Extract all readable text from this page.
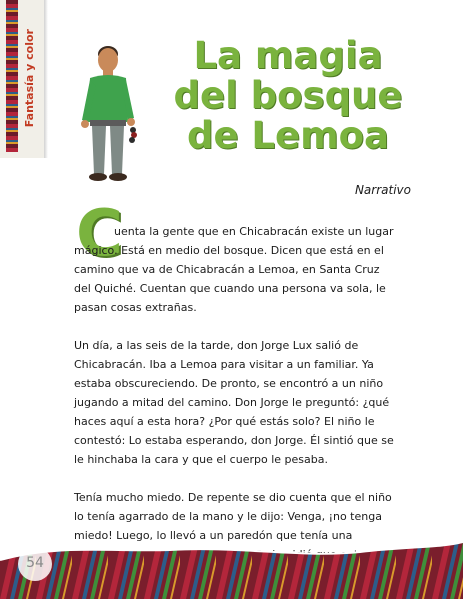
Fantasía y color	La magia
del bosque
de Lemoa
Narrativo
C

uenta la gente que en Chicabracán existe un lugar mágico. Está en medio del bosque. Dicen que está en el camino que va de Chicabracán a Lemoa, en Santa Cruz del Quiché. Cuentan que cuando una persona va sola, le pasan cosas extrañas.

Un día, a las seis de la tarde, don Jorge Lux salió de Chicabracán. Iba a Lemoa para visitar a un familiar. Ya estaba obscureciendo. De pronto, se encontró a un niño jugando a mitad del camino. Don Jorge le preguntó: ¿qué haces aquí a esta hora? ¿Por qué estás solo? El niño le contestó: Lo estaba esperando, don Jorge. Él sintió que se le hinchaba la cara y que el cuerpo le pesaba.

Tenía mucho miedo. De repente se dio cuenta que el niño lo tenía agarrado de la mano y le dijo: Venga, ¡no tenga miedo! Luego, lo llevó a un paredón que tenía una

54
